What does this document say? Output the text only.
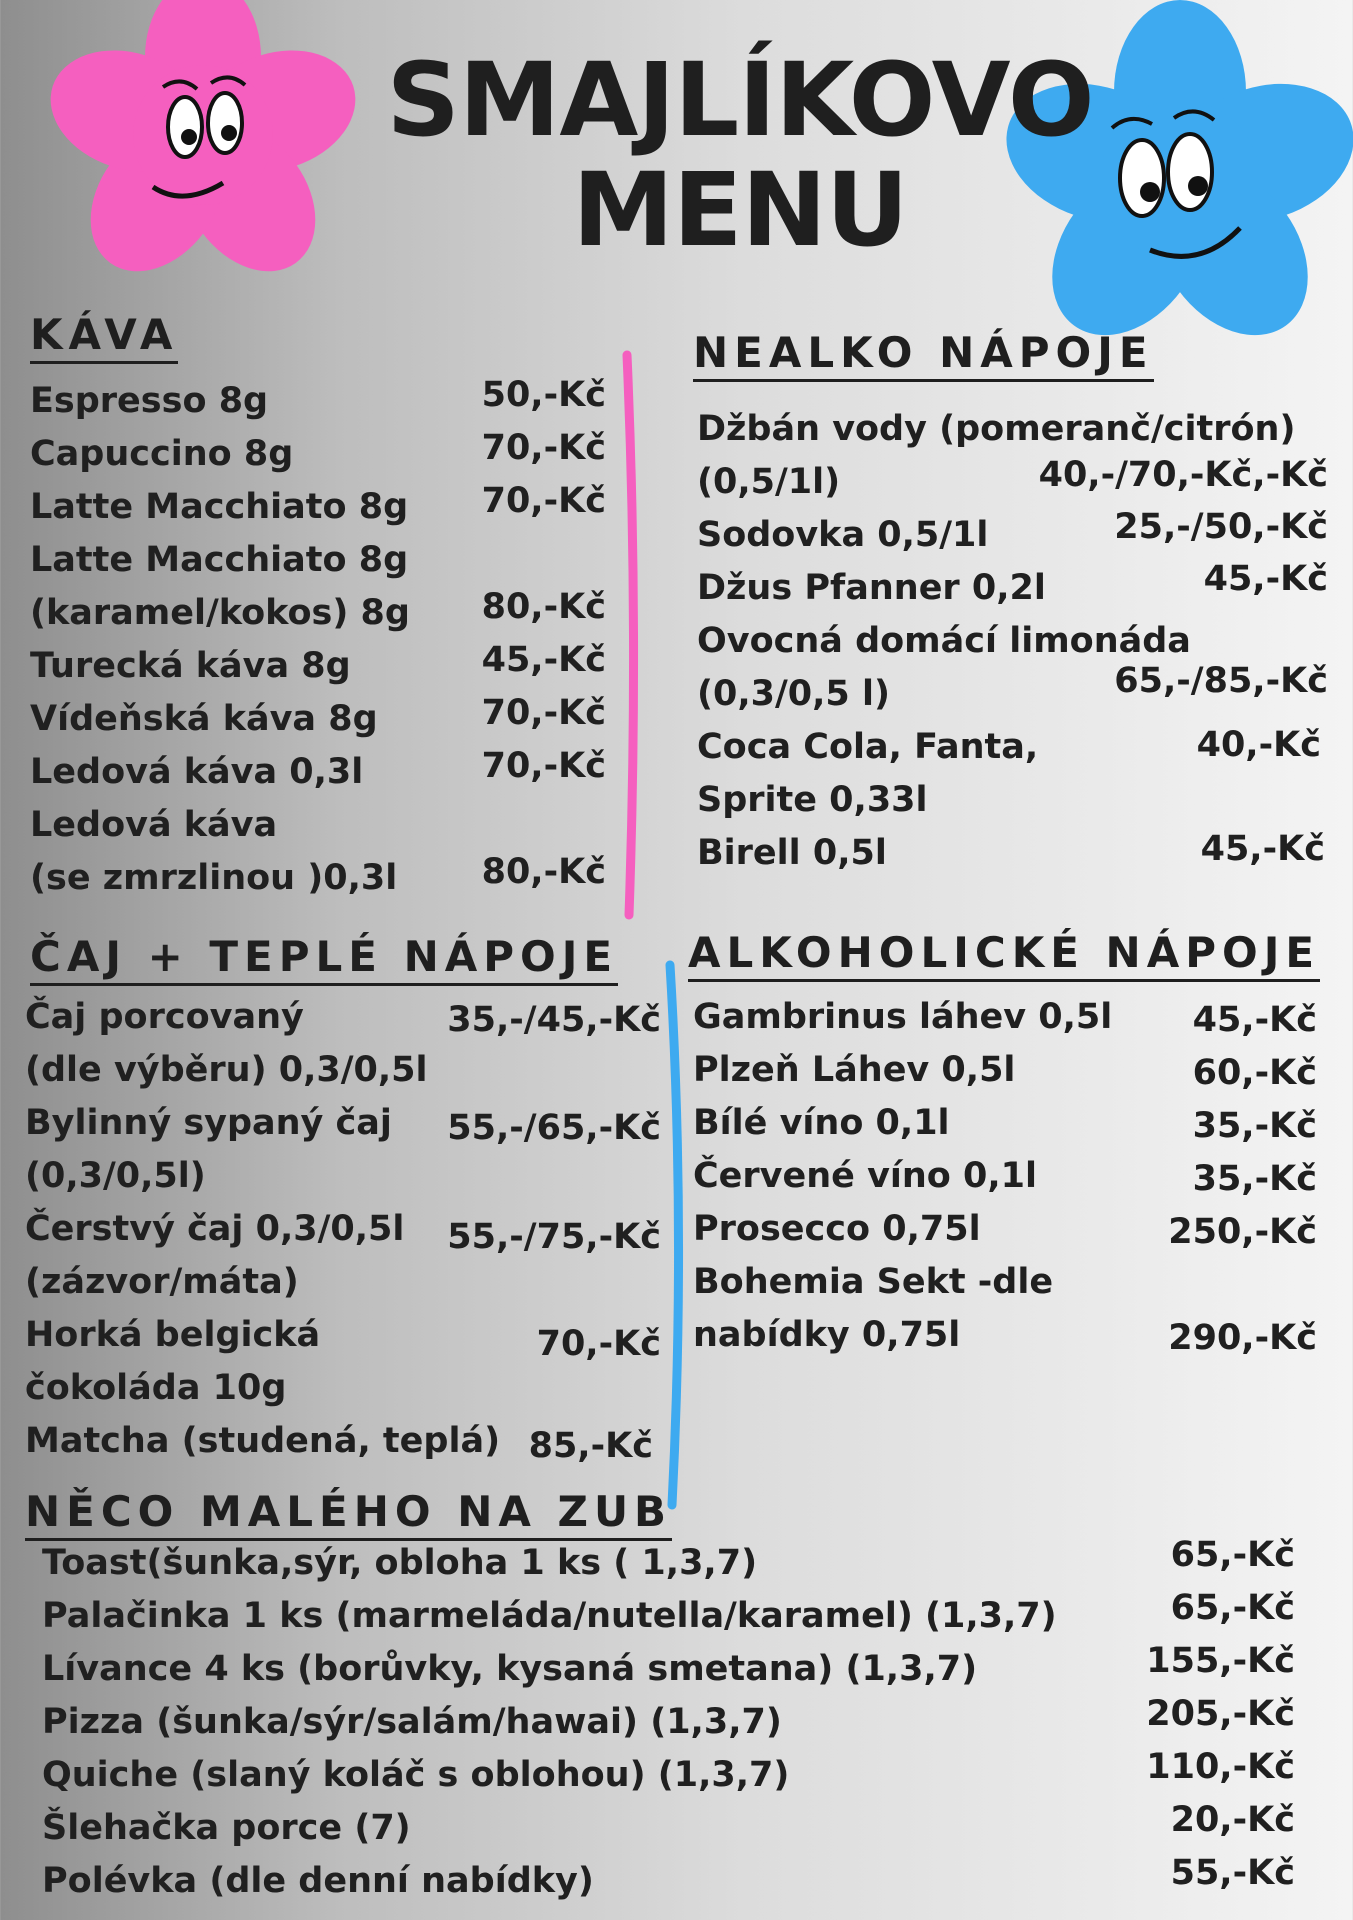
SMAJLÍKOVO
MENU
KÁVA
Espresso 8g
Capuccino 8g
Latte Macchiato 8g
Latte Macchiato 8g
(karamel/kokos) 8g
Turecká káva 8g
Vídeňská káva 8g
Ledová káva 0,3l
Ledová káva
(se zmrzlinou )0,3l
50,-Kč
70,-Kč
70,-Kč
80,-Kč
45,-Kč
70,-Kč
70,-Kč
80,-Kč
NEALKO NÁPOJE
Džbán vody (pomeranč/citrón)
(0,5/1l)
Sodovka 0,5/1l
Džus Pfanner 0,2l
Ovocná domácí limonáda
(0,3/0,5 l)
Coca Cola, Fanta,
Sprite 0,33l
Birell 0,5l
40,-/70,-Kč,-Kč
25,-/50,-Kč
45,-Kč
65,-/85,-Kč
40,-Kč
45,-Kč
ČAJ + TEPLÉ NÁPOJE
Čaj porcovaný
(dle výběru) 0,3/0,5l
Bylinný sypaný čaj
(0,3/0,5l)
Čerstvý čaj 0,3/0,5l
(zázvor/máta)
Horká belgická
čokoláda 10g
Matcha (studená, teplá)
35,-/45,-Kč
55,-/65,-Kč
55,-/75,-Kč
70,-Kč
85,-Kč
ALKOHOLICKÉ NÁPOJE
Gambrinus láhev 0,5l
Plzeň Láhev 0,5l
Bílé víno 0,1l
Červené víno 0,1l
Prosecco 0,75l
Bohemia Sekt -dle
nabídky 0,75l
45,-Kč
60,-Kč
35,-Kč
35,-Kč
250,-Kč
290,-Kč
NĚCO MALÉHO NA ZUB
Toast(šunka,sýr, obloha 1 ks ( 1,3,7)
Palačinka 1 ks (marmeláda/nutella/karamel) (1,3,7)
Lívance 4 ks (borůvky, kysaná smetana) (1,3,7)
Pizza (šunka/sýr/salám/hawai) (1,3,7)
Quiche (slaný koláč s oblohou) (1,3,7)
Šlehačka porce (7)
Polévka (dle denní nabídky)
65,-Kč
65,-Kč
155,-Kč
205,-Kč
110,-Kč
20,-Kč
55,-Kč
